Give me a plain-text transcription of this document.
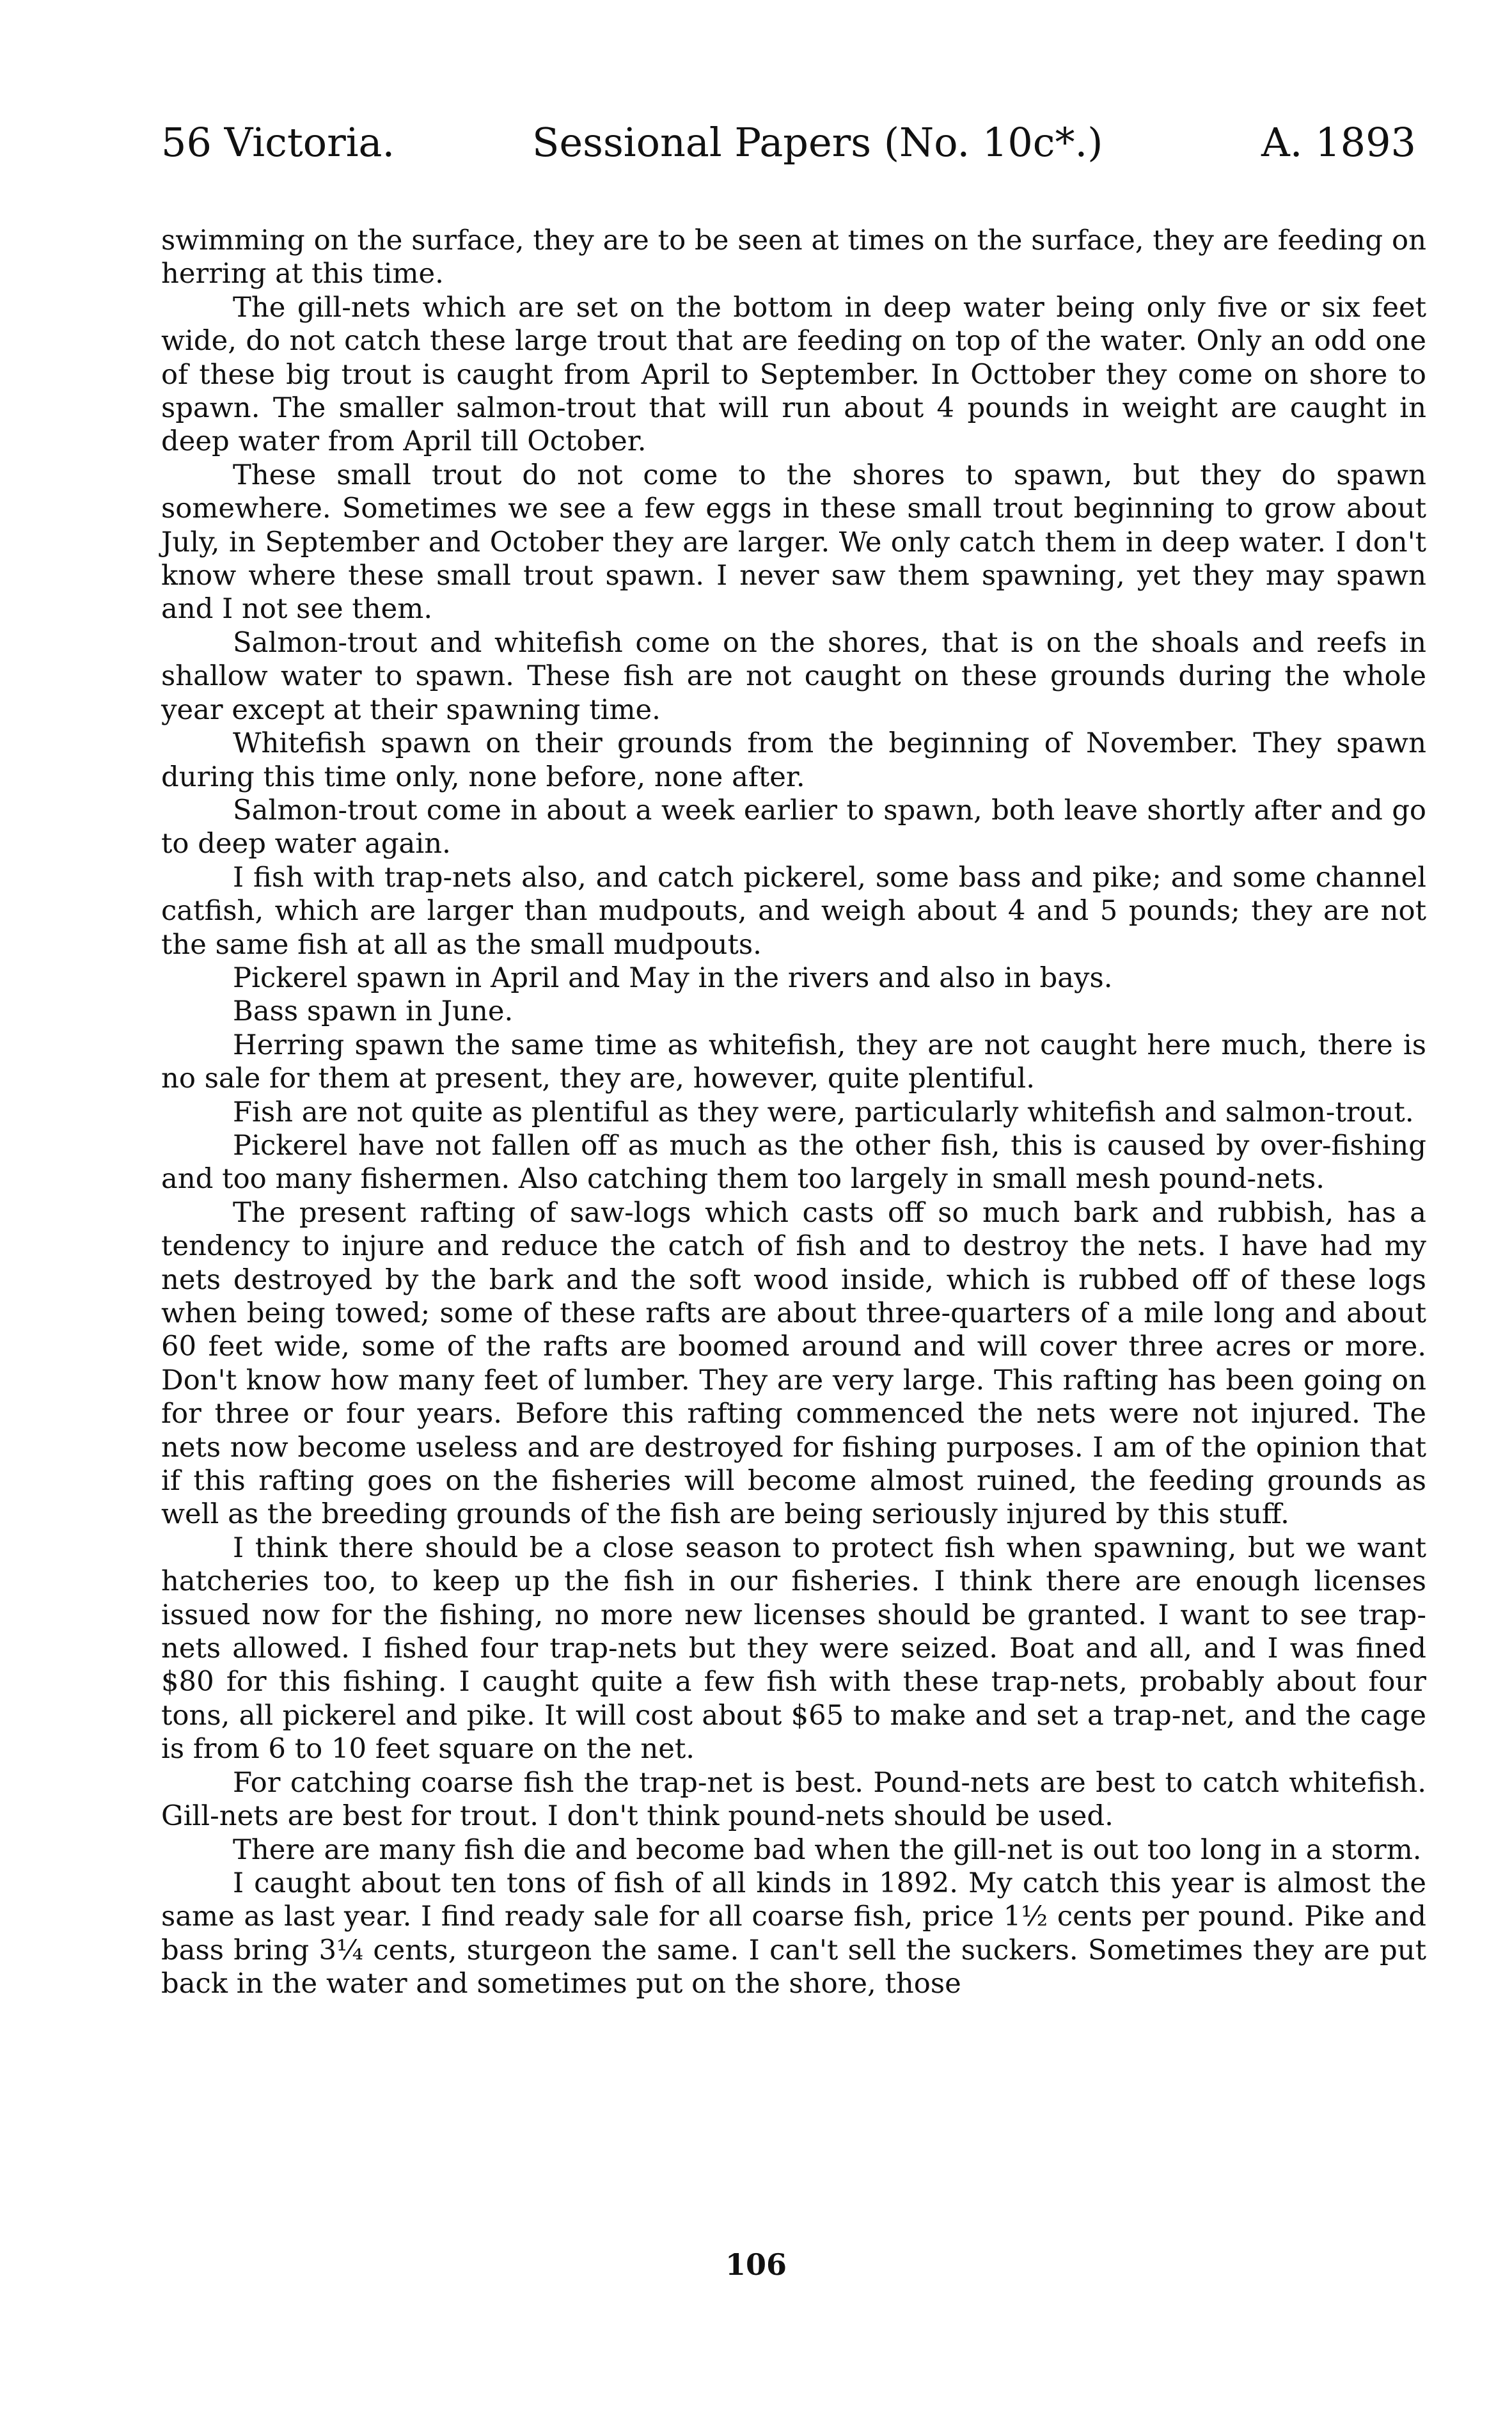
56 Victoria.	Sessional Papers (No. 10c*.)	A. 1893

swimming on the surface, they are to be seen at times on the surface, they are feeding on herring at this time.

The gill-nets which are set on the bottom in deep water being only five or six feet wide, do not catch these large trout that are feeding on top of the water. Only an odd one of these big trout is caught from April to September. In Octtober they come on shore to spawn. The smaller salmon-trout that will run about 4 pounds in weight are caught in deep water from April till October.

These small trout do not come to the shores to spawn, but they do spawn somewhere. Sometimes we see a few eggs in these small trout beginning to grow about July, in September and October they are larger. We only catch them in deep water. I don't know where these small trout spawn. I never saw them spawning, yet they may spawn and I not see them.

Salmon-trout and whitefish come on the shores, that is on the shoals and reefs in shallow water to spawn. These fish are not caught on these grounds during the whole year except at their spawning time.

Whitefish spawn on their grounds from the beginning of November. They spawn during this time only, none before, none after.

Salmon-trout come in about a week earlier to spawn, both leave shortly after and go to deep water again.

I fish with trap-nets also, and catch pickerel, some bass and pike; and some channel catfish, which are larger than mudpouts, and weigh about 4 and 5 pounds; they are not the same fish at all as the small mudpouts.

Pickerel spawn in April and May in the rivers and also in bays.

Bass spawn in June.

Herring spawn the same time as whitefish, they are not caught here much, there is no sale for them at present, they are, however, quite plentiful.

Fish are not quite as plentiful as they were, particularly whitefish and salmon-trout.

Pickerel have not fallen off as much as the other fish, this is caused by over-fishing and too many fishermen. Also catching them too largely in small mesh pound-nets.

The present rafting of saw-logs which casts off so much bark and rubbish, has a tendency to injure and reduce the catch of fish and to destroy the nets. I have had my nets destroyed by the bark and the soft wood inside, which is rubbed off of these logs when being towed; some of these rafts are about three-quarters of a mile long and about 60 feet wide, some of the rafts are boomed around and will cover three acres or more. Don't know how many feet of lumber. They are very large. This rafting has been going on for three or four years. Before this rafting commenced the nets were not injured. The nets now become useless and are destroyed for fishing purposes. I am of the opinion that if this rafting goes on the fisheries will become almost ruined, the feeding grounds as well as the breeding grounds of the fish are being seriously injured by this stuff.

I think there should be a close season to protect fish when spawning, but we want hatcheries too, to keep up the fish in our fisheries. I think there are enough licenses issued now for the fishing, no more new licenses should be granted. I want to see trap-nets allowed. I fished four trap-nets but they were seized. Boat and all, and I was fined $80 for this fishing. I caught quite a few fish with these trap-nets, probably about four tons, all pickerel and pike. It will cost about $65 to make and set a trap-net, and the cage is from 6 to 10 feet square on the net.

For catching coarse fish the trap-net is best. Pound-nets are best to catch whitefish. Gill-nets are best for trout. I don't think pound-nets should be used.

There are many fish die and become bad when the gill-net is out too long in a storm.

I caught about ten tons of fish of all kinds in 1892. My catch this year is almost the same as last year. I find ready sale for all coarse fish, price 1½ cents per pound. Pike and bass bring 3¼ cents, sturgeon the same. I can't sell the suckers. Sometimes they are put back in the water and sometimes put on the shore, those

106
